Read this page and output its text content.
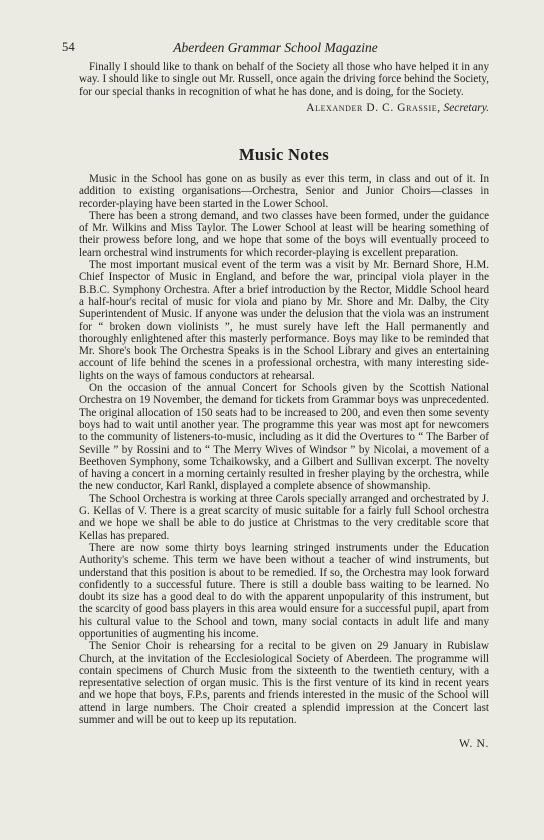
54	Aberdeen Grammar School Magazine

Finally I should like to thank on behalf of the Society all those who have helped it in any way. I should like to single out Mr. Russell, once again the driving force behind the Society, for our special thanks in recognition of what he has done, and is doing, for the Society.

Alexander D. C. Grassie, Secretary.
Music Notes

Music in the School has gone on as busily as ever this term, in class and out of it. In addition to existing organisations—Orchestra, Senior and Junior Choirs—classes in recorder-playing have been started in the Lower School.

There has been a strong demand, and two classes have been formed, under the guidance of Mr. Wilkins and Miss Taylor. The Lower School at least will be hearing something of their prowess before long, and we hope that some of the boys will eventually proceed to learn orchestral wind instruments for which recorder-playing is excellent preparation.

The most important musical event of the term was a visit by Mr. Bernard Shore, H.M. Chief Inspector of Music in England, and before the war, principal viola player in the B.B.C. Symphony Orchestra. After a brief introduction by the Rector, Middle School heard a half-hour's recital of music for viola and piano by Mr. Shore and Mr. Dalby, the City Superintendent of Music. If anyone was under the delusion that the viola was an instrument for “ broken down violinists ”, he must surely have left the Hall permanently and thoroughly enlightened after this masterly performance. Boys may like to be reminded that Mr. Shore's book The Orchestra Speaks is in the School Library and gives an entertaining account of life behind the scenes in a professional orchestra, with many interesting side-lights on the ways of famous conductors at rehearsal.

On the occasion of the annual Concert for Schools given by the Scottish National Orchestra on 19 November, the demand for tickets from Grammar boys was unprecedented. The original allocation of 150 seats had to be increased to 200, and even then some seventy boys had to wait until another year. The programme this year was most apt for newcomers to the community of listeners-to-music, including as it did the Overtures to “ The Barber of Seville ” by Rossini and to “ The Merry Wives of Windsor ” by Nicolai, a movement of a Beethoven Symphony, some Tchaikowsky, and a Gilbert and Sullivan excerpt. The novelty of having a concert in a morning certainly resulted in fresher playing by the orchestra, while the new conductor, Karl Rankl, displayed a complete absence of showmanship.

The School Orchestra is working at three Carols specially arranged and orchestrated by J. G. Kellas of V. There is a great scarcity of music suitable for a fairly full School orchestra and we hope we shall be able to do justice at Christmas to the very creditable score that Kellas has prepared.

There are now some thirty boys learning stringed instruments under the Education Authority's scheme. This term we have been without a teacher of wind instruments, but understand that this position is about to be remedied. If so, the Orchestra may look forward confidently to a successful future. There is still a double bass waiting to be learned. No doubt its size has a good deal to do with the apparent unpopularity of this instrument, but the scarcity of good bass players in this area would ensure for a successful pupil, apart from his cultural value to the School and town, many social contacts in adult life and many opportunities of augmenting his income.

The Senior Choir is rehearsing for a recital to be given on 29 January in Rubislaw Church, at the invitation of the Ecclesiological Society of Aberdeen. The programme will contain specimens of Church Music from the sixteenth to the twentieth century, with a representative selection of organ music. This is the first venture of its kind in recent years and we hope that boys, F.P.s, parents and friends interested in the music of the School will attend in large numbers. The Choir created a splendid impression at the Concert last summer and will be out to keep up its reputation.

W. N.
